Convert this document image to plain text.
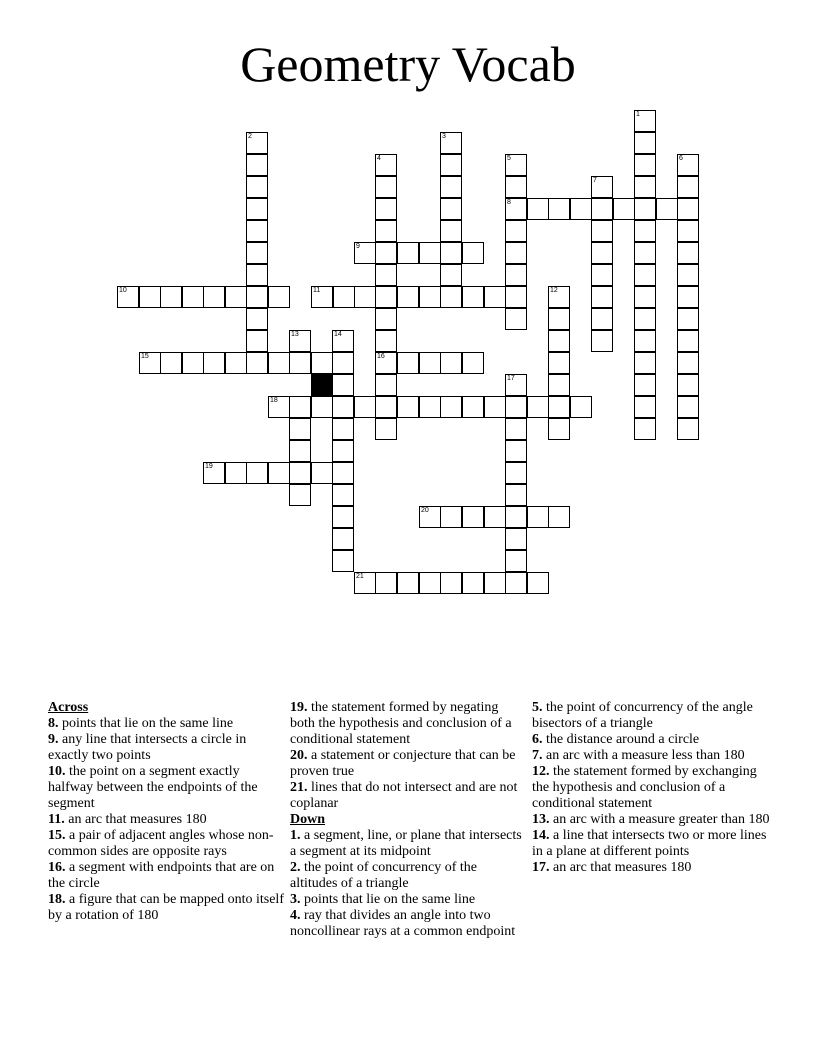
Geometry Vocab
1
2	3
4	5	6
7
8
9
10	11	12
13	14
15	16
17
18
19
20
21

Across

8. points that lie on the same line

9. any line that intersects a circle in exactly two points

10. the point on a segment exactly halfway between the endpoints of the segment

11. an arc that measures 180

15. a pair of adjacent angles whose non-common sides are opposite rays

16. a segment with endpoints that are on the circle

18. a figure that can be mapped onto itself by a rotation of 180

19. the statement formed by negating both the hypothesis and conclusion of a conditional statement

20. a statement or conjecture that can be proven true

21. lines that do not intersect and are not coplanar

Down

1. a segment, line, or plane that intersects a segment at its midpoint

2. the point of concurrency of the altitudes of a triangle

3. points that lie on the same line

4. ray that divides an angle into two noncollinear rays at a common endpoint

5. the point of concurrency of the angle bisectors of a triangle

6. the distance around a circle

7. an arc with a measure less than 180

12. the statement formed by exchanging the hypothesis and conclusion of a conditional statement

13. an arc with a measure greater than 180

14. a line that intersects two or more lines in a plane at different points

17. an arc that measures 180
